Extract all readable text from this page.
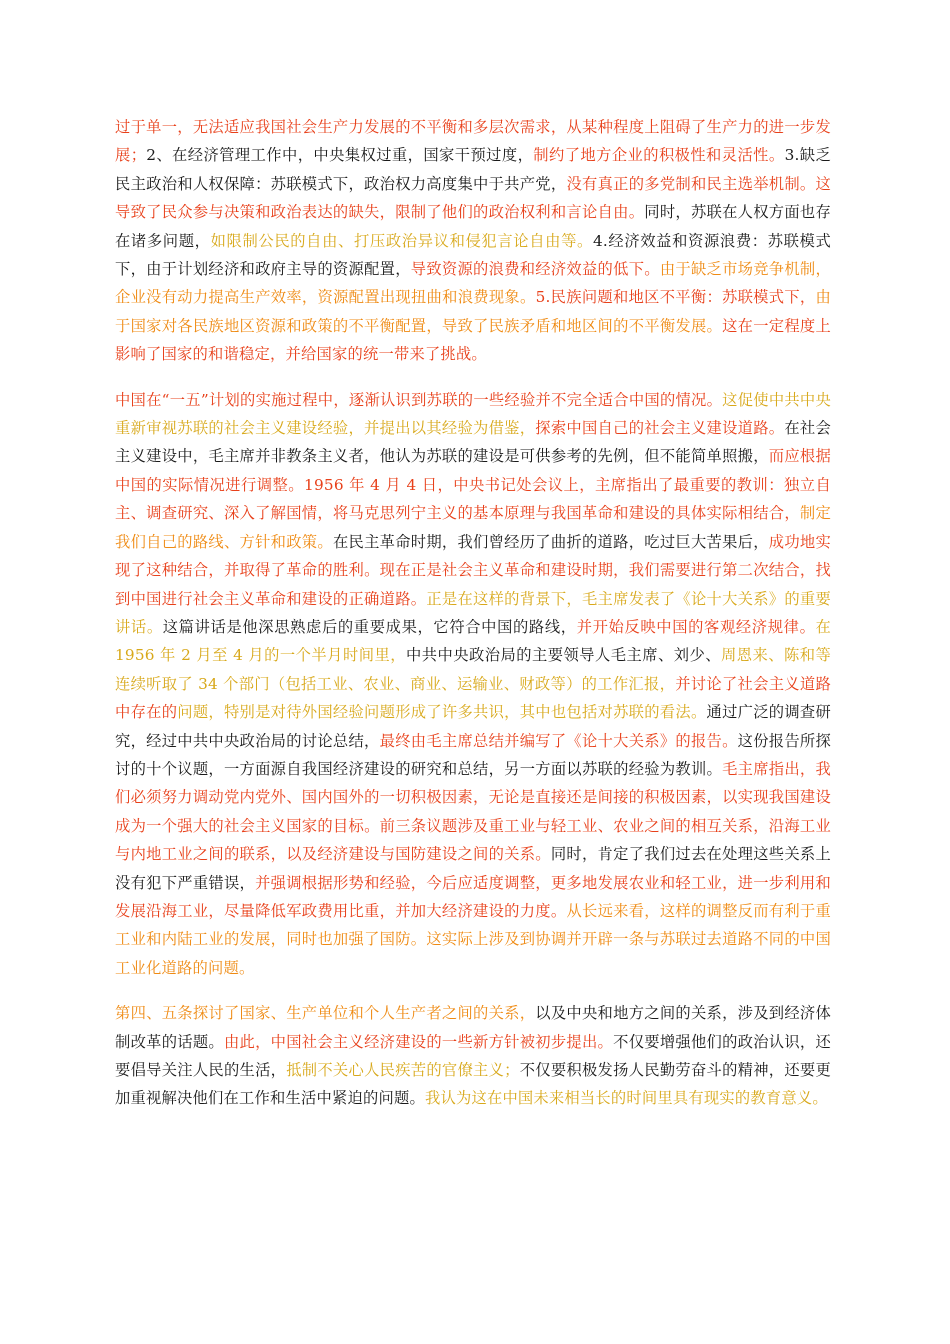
过于单一，无法适应我国社会生产力发展的不平衡和多层次需求，从某种程度上阻碍了生产力的进一步发展；2、在经济管理工作中，中央集权过重，国家干预过度，制约了地方企业的积极性和灵活性。3.缺乏民主政治和人权保障：苏联模式下，政治权力高度集中于共产党，没有真正的多党制和民主选举机制。这导致了民众参与决策和政治表达的缺失，限制了他们的政治权利和言论自由。同时，苏联在人权方面也存在诸多问题，如限制公民的自由、打压政治异议和侵犯言论自由等。4.经济效益和资源浪费：苏联模式下，由于计划经济和政府主导的资源配置，导致资源的浪费和经济效益的低下。由于缺乏市场竞争机制，企业没有动力提高生产效率，资源配置出现扭曲和浪费现象。5.民族问题和地区不平衡：苏联模式下，由于国家对各民族地区资源和政策的不平衡配置，导致了民族矛盾和地区间的不平衡发展。这在一定程度上影响了国家的和谐稳定，并给国家的统一带来了挑战。

中国在“一五”计划的实施过程中，逐渐认识到苏联的一些经验并不完全适合中国的情况。这促使中共中央重新审视苏联的社会主义建设经验，并提出以其经验为借鉴，探索中国自己的社会主义建设道路。在社会主义建设中，毛主席并非教条主义者，他认为苏联的建设是可供参考的先例，但不能简单照搬，而应根据中国的实际情况进行调整。1956 年 4 月 4 日，中央书记处会议上，主席指出了最重要的教训：独立自主、调查研究、深入了解国情，将马克思列宁主义的基本原理与我国革命和建设的具体实际相结合，制定我们自己的路线、方针和政策。在民主革命时期，我们曾经历了曲折的道路，吃过巨大苦果后，成功地实现了这种结合，并取得了革命的胜利。现在正是社会主义革命和建设时期，我们需要进行第二次结合，找到中国进行社会主义革命和建设的正确道路。正是在这样的背景下，毛主席发表了《论十大关系》的重要讲话。这篇讲话是他深思熟虑后的重要成果，它符合中国的路线，并开始反映中国的客观经济规律。在 1956 年 2 月至 4 月的一个半月时间里，中共中央政治局的主要领导人毛主席、刘少、周恩来、陈和等连续听取了 34 个部门（包括工业、农业、商业、运输业、财政等）的工作汇报，并讨论了社会主义道路中存在的问题，特别是对待外国经验问题形成了许多共识，其中也包括对苏联的看法。通过广泛的调查研究，经过中共中央政治局的讨论总结，最终由毛主席总结并编写了《论十大关系》的报告。这份报告所探讨的十个议题，一方面源自我国经济建设的研究和总结，另一方面以苏联的经验为教训。毛主席指出，我们必须努力调动党内党外、国内国外的一切积极因素，无论是直接还是间接的积极因素，以实现我国建设成为一个强大的社会主义国家的目标。前三条议题涉及重工业与轻工业、农业之间的相互关系，沿海工业与内地工业之间的联系，以及经济建设与国防建设之间的关系。同时，肯定了我们过去在处理这些关系上没有犯下严重错误，并强调根据形势和经验，今后应适度调整，更多地发展农业和轻工业，进一步利用和发展沿海工业，尽量降低军政费用比重，并加大经济建设的力度。从长远来看，这样的调整反而有利于重工业和内陆工业的发展，同时也加强了国防。这实际上涉及到协调并开辟一条与苏联过去道路不同的中国工业化道路的问题。

第四、五条探讨了国家、生产单位和个人生产者之间的关系，以及中央和地方之间的关系，涉及到经济体制改革的话题。由此，中国社会主义经济建设的一些新方针被初步提出。不仅要增强他们的政治认识，还要倡导关注人民的生活，抵制不关心人民疾苦的官僚主义；不仅要积极发扬人民勤劳奋斗的精神，还要更加重视解决他们在工作和生活中紧迫的问题。我认为这在中国未来相当长的时间里具有现实的教育意义。
